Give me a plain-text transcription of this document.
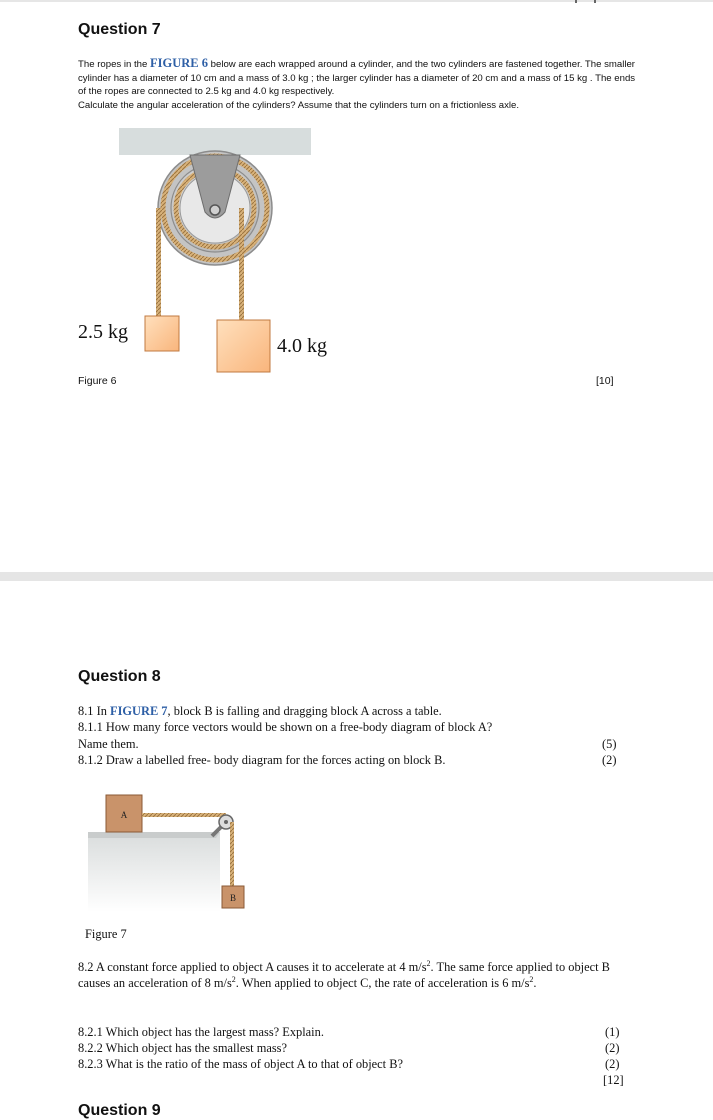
Question 7
The ropes in the FIGURE 6 below are each wrapped around a cylinder, and the two cylinders are fastened together. The smaller cylinder has a diameter of 10 cm and a mass of 3.0 kg ; the larger cylinder has a diameter of 20 cm and a mass of 15 kg . The ends of the ropes are connected to 2.5 kg and 4.0 kg respectively.
Calculate the angular acceleration of the cylinders? Assume that the cylinders turn on a frictionless axle.
2.5 kg
4.0 kg
Figure 6	[10]
Question 8
8.1 In FIGURE 7, block B is falling and dragging block A across a table.
8.1.1 How many force vectors would be shown on a free-body diagram of block A?
Name them.	(5)
8.1.2 Draw a labelled free- body diagram for the forces acting on block B.	(2)
A
B
Figure 7
8.2 A constant force applied to object A causes it to accelerate at 4 $m/s^2$. The same force applied to object B causes an acceleration of 8 $m/s^2$. When applied to object C, the rate of acceleration is 6 $m/s^2$.
8.2.1 Which object has the largest mass? Explain.	(1)
8.2.2 Which object has the smallest mass?	(2)
8.2.3 What is the ratio of the mass of object A to that of object B?	(2)
[12]
Question 9
